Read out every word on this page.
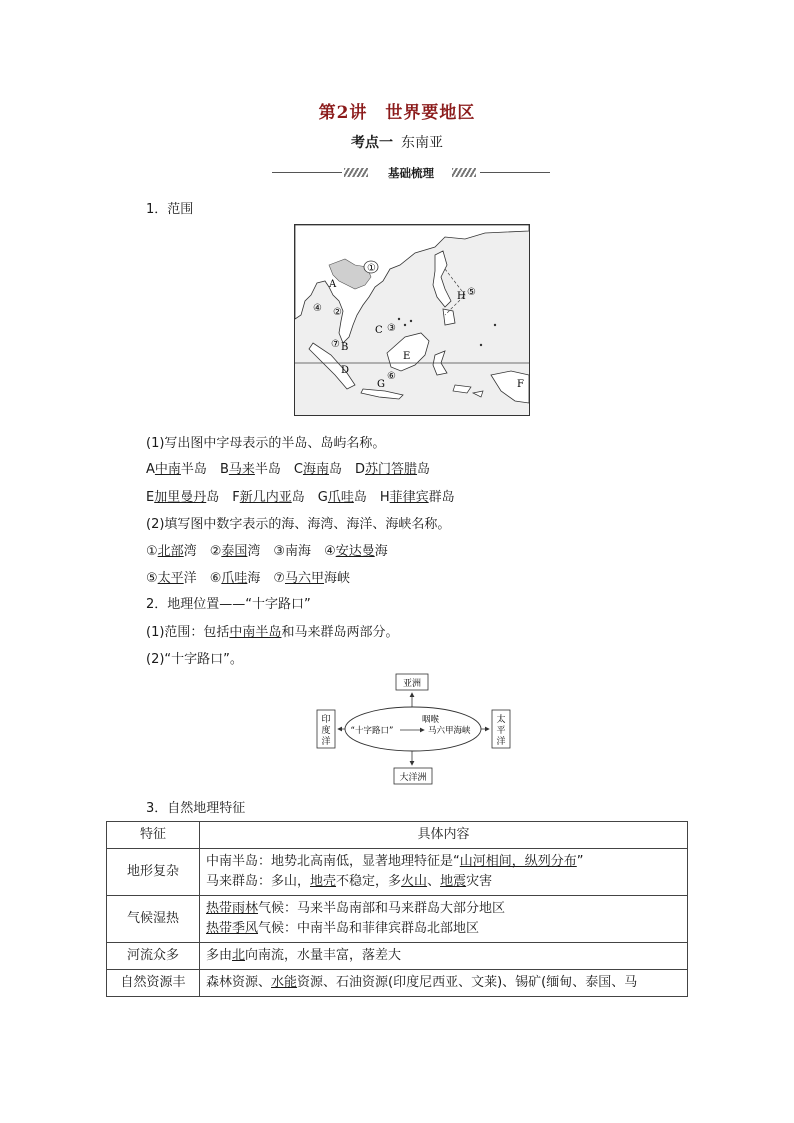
第2讲　世界要地区
考点一 东南亚
基础梳理
1．范围
A
B
C
D
E
F
G
H
①
②
③
④
⑤
⑥
⑦
(1)写出图中字母表示的半岛、岛屿名称。
A中南半岛　B马来半岛　C海南岛　D苏门答腊岛
E加里曼丹岛　F新几内亚岛　G爪哇岛　H菲律宾群岛
(2)填写图中数字表示的海、海湾、海洋、海峡名称。
①北部湾　②泰国湾　③南海　 ④安达曼海
⑤太平洋　⑥爪哇海　⑦马六甲海峡
2．地理位置——“十字路口”
(1)范围：包括中南半岛和马来群岛两部分。
(2)“十字路口”。
亚洲
大洋洲
印
度
洋
太
平
洋
“十字路口”
咽喉
马六甲海峡
3．自然地理特征
特征	具体内容
地形复杂	中南半岛：地势北高南低，显著地理特征是“山河相间，纵列分布”
马来群岛：多山，地壳不稳定，多火山、地震灾害

气候湿热	热带雨林气候：马来半岛南部和马来群岛大部分地区
热带季风气候：中南半岛和菲律宾群岛北部地区

河流众多	多由北向南流，水量丰富，落差大
自然资源丰	森林资源、水能资源、石油资源(印度尼西亚、文莱)、锡矿(缅甸、泰国、马
